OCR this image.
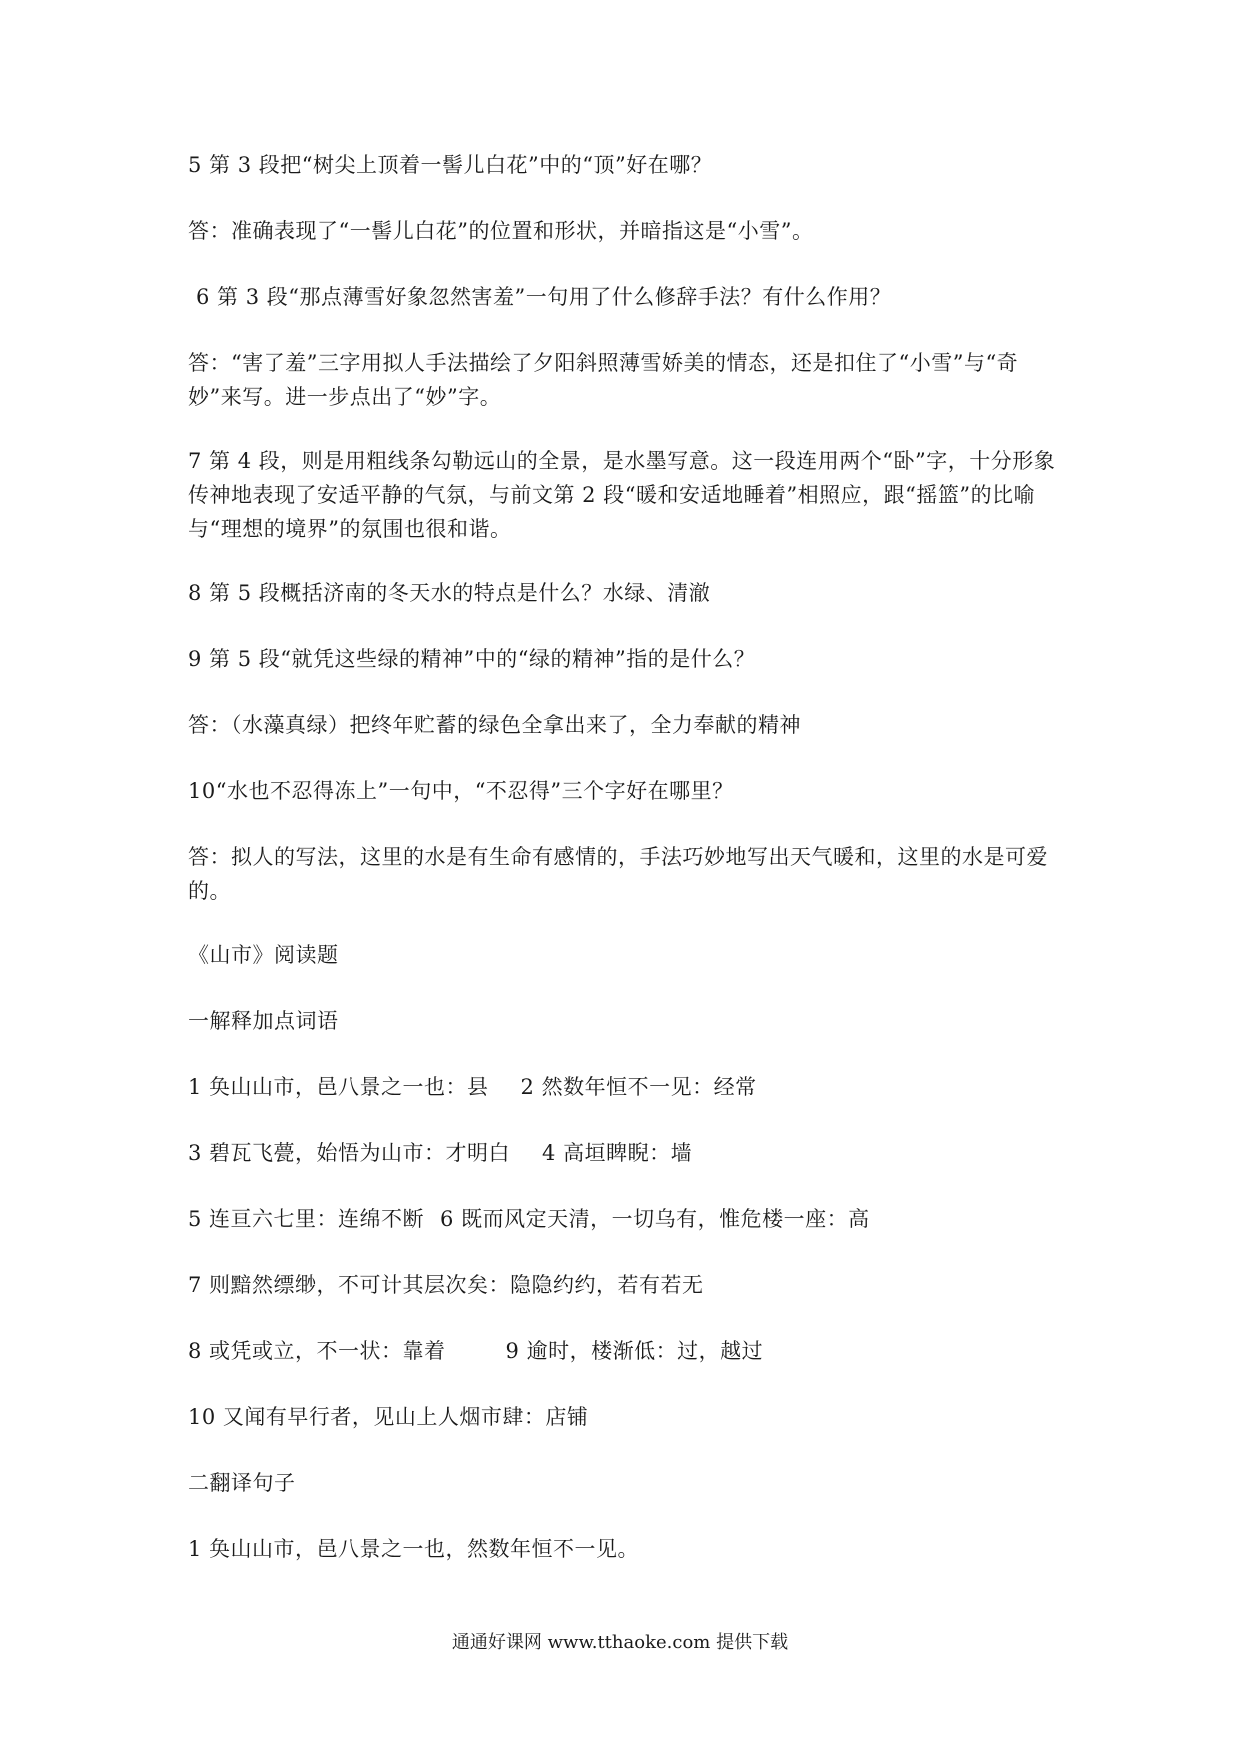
5 第 3 段把“树尖上顶着一髻儿白花”中的“顶”好在哪？
答：准确表现了“一髻儿白花”的位置和形状，并暗指这是“小雪”。
6 第 3 段“那点薄雪好象忽然害羞”一句用了什么修辞手法？有什么作用？
答：“害了羞”三字用拟人手法描绘了夕阳斜照薄雪娇美的情态，还是扣住了“小雪”与“奇妙”来写。进一步点出了“妙”字。
7 第 4 段，则是用粗线条勾勒远山的全景，是水墨写意。这一段连用两个“卧”字，十分形象传神地表现了安适平静的气氛，与前文第 2 段“暖和安适地睡着”相照应，跟“摇篮”的比喻与“理想的境界”的氛围也很和谐。
8 第 5 段概括济南的冬天水的特点是什么？水绿、清澈
9 第 5 段“就凭这些绿的精神”中的“绿的精神”指的是什么？
答：（水藻真绿）把终年贮蓄的绿色全拿出来了，全力奉献的精神
10“水也不忍得冻上”一句中，“不忍得”三个字好在哪里？
答：拟人的写法，这里的水是有生命有感情的，手法巧妙地写出天气暖和，这里的水是可爱的。
《山市》阅读题
一解释加点词语
1 奂山山市，邑八景之一也：县 2 然数年恒不一见：经常
3 碧瓦飞甍，始悟为山市：才明白 4 高垣睥睨：墙
5 连亘六七里：连绵不断 6 既而风定天清，一切乌有，惟危楼一座：高
7 则黯然缥缈，不可计其层次矣：隐隐约约，若有若无
8 或凭或立，不一状：靠着	9 逾时，楼渐低：过，越过
10 又闻有早行者，见山上人烟市肆：店铺
二翻译句子
1 奂山山市，邑八景之一也，然数年恒不一见。
通通好课网 www.tthaoke.com 提供下载
